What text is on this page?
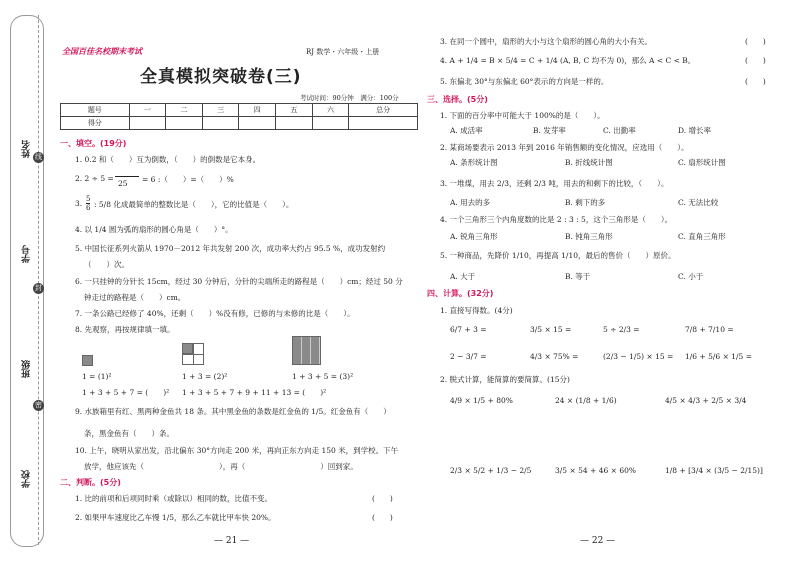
姓名
学号
班级
学校
线
封
密
全国百佳名校期末考试	RJ 数学・六年级・上册
全真模拟突破卷(三)
考试时间：90分钟　满分：100分
题号	一	二	三	四	五	六	总分
得分							
一、填空。(19分)
1. 0.2 和（　　）互为倒数，（　　）的倒数是它本身。
2. 2 ÷ 5 =
25 = 6 :（　　）=（　　）%
3. 5
6 : 5/8 化成最简单的整数比是（　　），它的比值是（　　）。
4. 以 1/4 圆为弧的扇形的圆心角是（　　）°。
5. 中国长征系列火箭从 1970－2012 年共发射 200 次，成功率大约占 95.5 %，成功发射约
（　　）次。
6. 一只挂钟的分针长 15cm，经过 30 分钟后，分针的尖端所走的路程是（　　）cm；经过 50 分
钟走过的路程是（　　）cm。
7. 一条公路已经修了 40%，还剩（　　）%没有修，已修的与未修的比是（　　）。
8. 先观察，再按规律填一填。
1 = (1)²	1 + 3 = (2)²	1 + 3 + 5 = (3)²
1 + 3 + 5 + 7 = (　　)² 1 + 3 + 5 + 7 + 9 + 11 + 13 = (　　)²
9. 水族箱里有红、黑两种金鱼共 18 条。其中黑金鱼的条数是红金鱼的 1/5。红金鱼有（　　）
条，黑金鱼有（　　）条。
10. 上午，晓明从家出发，沿北偏东 30°方向走 200 米，再向正东方向走 150 米，到学校。下午
放学，他应该先（　　　　　　　　　　），再（　　　　　　　　　　）回到家。
二、判断。(5分)
1. 比的前项和后项同时乘（或除以）相同的数，比值不变。	(　　)
2. 如果甲车速度比乙车慢 1/5，那么乙车就比甲车快 20%。	(　　)
— 21 —
3. 在同一个圆中，扇形的大小与这个扇形的圆心角的大小有关。	(　　)
4. A + 1/4 = B × 5/4 = C + 1/4 (A, B, C 均不为 0)，那么 A < C < B。	(　　)
5. 东偏北 30°与东偏北 60°表示的方向是一样的。	(　　)
三、选择。(5分)
1. 下面的百分率中可能大于 100%的是（　　）。
A. 成活率	B. 发芽率	C. 出勤率	D. 增长率
2. 某商场要表示 2013 年到 2016 年销售额的变化情况，应选用（　　）。
A. 条形统计图	B. 折线统计图	C. 扇形统计图
3. 一堆煤，用去 2/3，还剩 2/3 吨，用去的和剩下的比较，（　　）。
A. 用去的多	B. 剩下的多	C. 无法比较
4. 一个三角形三个内角度数的比是 2 : 3 : 5，这个三角形是（　　）。
A. 锐角三角形	B. 钝角三角形	C. 直角三角形
5. 一种商品，先降价 1/10，再提高 1/10，最后的售价（　　）原价。
A. 大于	B. 等于	C. 小于
四、计算。(32分)
1. 直接写得数。(4分)
6/7 + 3 =	3/5 × 15 =	5 ÷ 2/3 =	7/8 + 7/10 =
2 − 3/7 =	4/3 × 75% =	(2/3 − 1/5) × 15 = 1/6 + 5/6 × 1/5 =
2. 脱式计算，能简算的要简算。(15分)
4/9 × 1/5 + 80%	24 × (1/8 + 1/6)	4/5 × 4/3 + 2/5 × 3/4
2/3 × 5/2 + 1/3 − 2/5	3/5 × 54 + 46 × 60%	1/8 + [3/4 × (3/5 − 2/15)]
— 22 —
